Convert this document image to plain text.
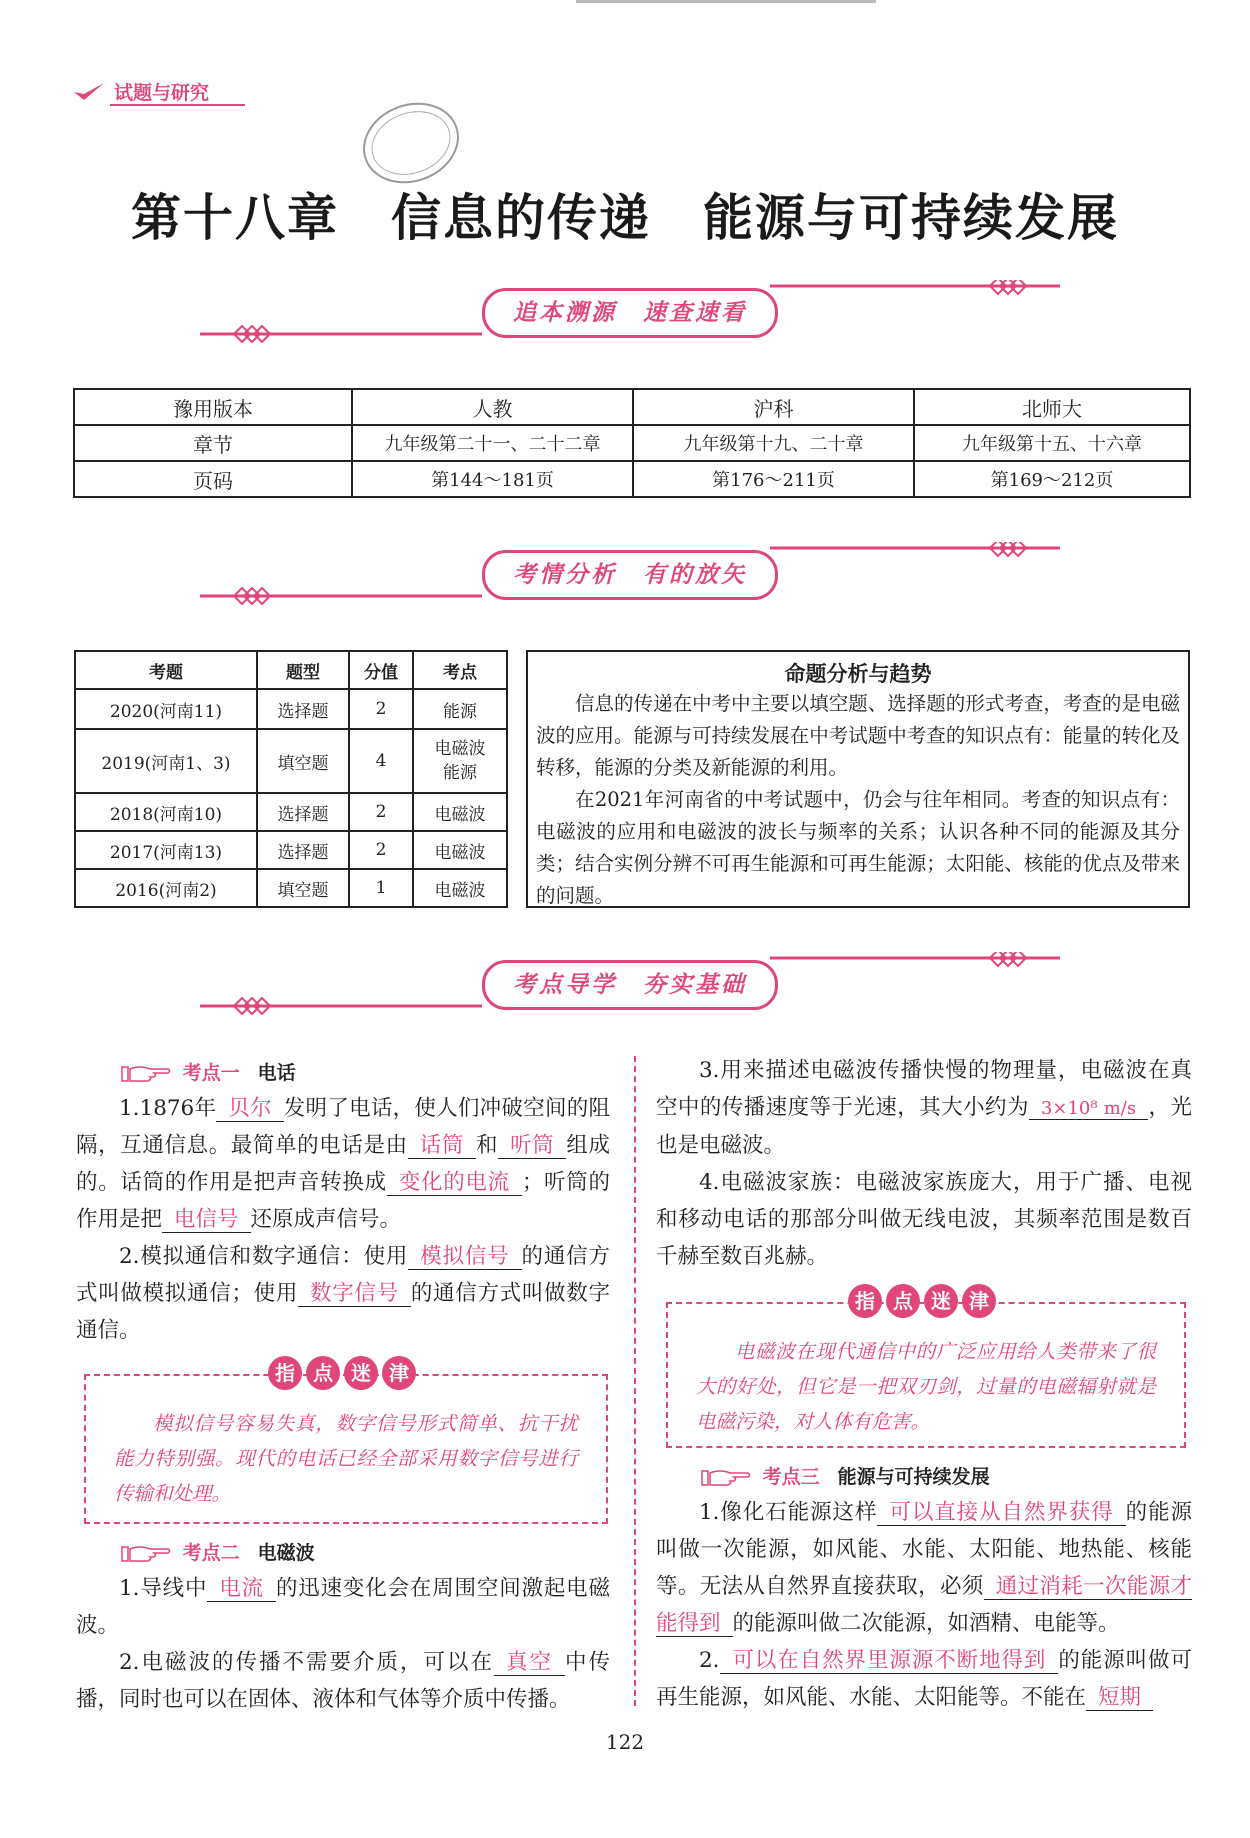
试题与研究
第十八章　信息的传递　能源与可持续发展
追本溯源　速查速看
豫用版本	人教	沪科	北师大
章节	九年级第二十一、二十二章	九年级第十九、二十章	九年级第十五、十六章
页码	第144～181页	第176～211页	第169～212页
考情分析　有的放矢
考题	题型	分值	考点
2020(河南11)	选择题	2	能源
2019(河南1、3)	填空题	4	电磁波
能源
2018(河南10)	选择题	2	电磁波
2017(河南13)	选择题	2	电磁波
2016(河南2)	填空题	1	电磁波
命题分析与趋势

信息的传递在中考中主要以填空题、选择题的形式考查，考查的是电磁波的应用。能源与可持续发展在中考试题中考查的知识点有：能量的转化及转移，能源的分类及新能源的利用。

在2021年河南省的中考试题中，仍会与往年相同。考查的知识点有：电磁波的应用和电磁波的波长与频率的关系；认识各种不同的能源及其分类；结合实例分辨不可再生能源和可再生能源；太阳能、核能的优点及带来的问题。

考点导学　夯实基础

考点一 电话

1.1876年 贝尔 发明了电话，使人们冲破空间的阻隔，互通信息。最简单的电话是由 话筒 和 听筒 组成的。话筒的作用是把声音转换成 变化的电流 ；听筒的作用是把 电信号 还原成声信号。

2.模拟通信和数字通信：使用 模拟信号 的通信方式叫做模拟通信；使用 数字信号 的通信方式叫做数字通信。

指 点 迷 津
模拟信号容易失真，数字信号形式简单、抗干扰能力特别强。现代的电话已经全部采用数字信号进行传输和处理。

考点二 电磁波

1.导线中 电流 的迅速变化会在周围空间激起电磁波。

2.电磁波的传播不需要介质，可以在 真空 中传播，同时也可以在固体、液体和气体等介质中传播。

3.用来描述电磁波传播快慢的物理量，电磁波在真空中的传播速度等于光速，其大小约为 3×10⁸ m/s ，光也是电磁波。

4.电磁波家族：电磁波家族庞大，用于广播、电视和移动电话的那部分叫做无线电波，其频率范围是数百千赫至数百兆赫。

指 点 迷 津
电磁波在现代通信中的广泛应用给人类带来了很大的好处，但它是一把双刃剑，过量的电磁辐射就是电磁污染，对人体有危害。

考点三 能源与可持续发展

1.像化石能源这样 可以直接从自然界获得 的能源叫做一次能源，如风能、水能、太阳能、地热能、核能等。无法从自然界直接获取，必须 通过消耗一次能源才能得到 的能源叫做二次能源，如酒精、电能等。

2. 可以在自然界里源源不断地得到 的能源叫做可再生能源，如风能、水能、太阳能等。不能在 短期

122
